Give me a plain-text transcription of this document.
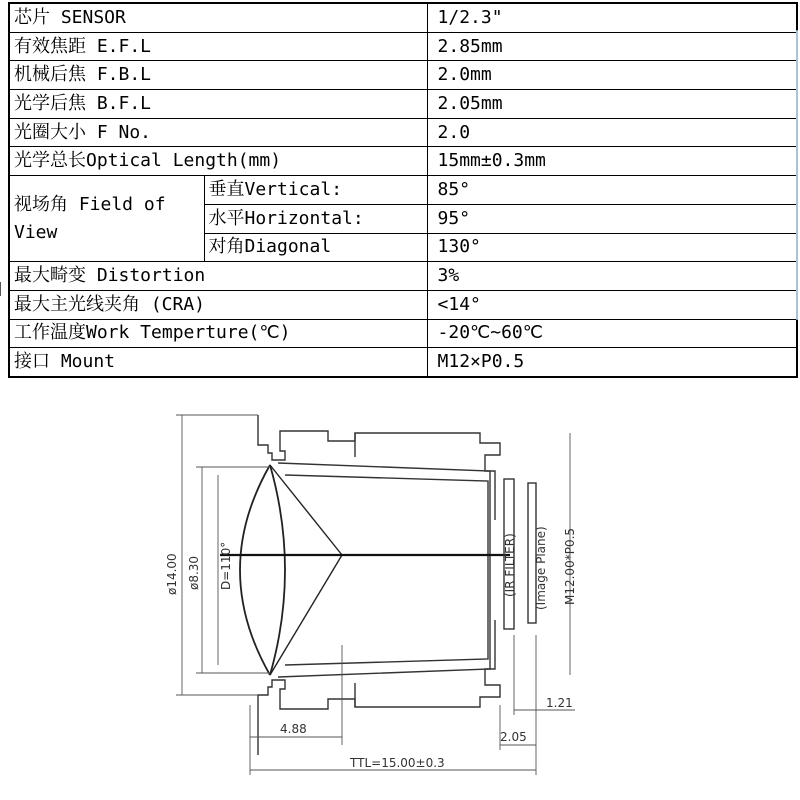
芯片 SENSOR		1/2.3"
有效焦距 E.F.L		2.85mm
机械后焦 F.B.L		2.0mm
光学后焦 B.F.L		2.05mm
光圈大小 F No.		2.0
光学总长Optical Length(mm)		15mm±0.3mm
视场角 Field of View	垂直Vertical:	85°
	水平Horizontal:	95°
	对角Diagonal	130°
最大畸变 Distortion		3%
最大主光线夹角 (CRA)		<14°
工作温度Work Temperture(℃)		-20℃~60℃
接口 Mount		M12×P0.5
ø14.00 ø8.30 D=110°	(IR FILTER) (Image Plane) M12.00*P0.5
4.88
2.05
1.21
TTL=15.00±0.3
